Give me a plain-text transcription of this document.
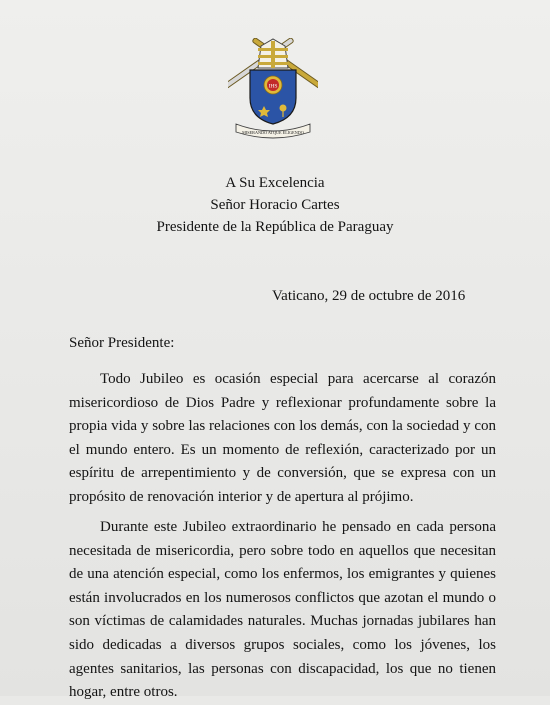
IHS
MISERANDO ATQUE ELIGENDO
A Su Excelencia
Señor Horacio Cartes
Presidente de la República de Paraguay
Vaticano, 29 de octubre de 2016
Señor Presidente:

Todo Jubileo es ocasión especial para acercarse al corazón misericordioso de Dios Padre y reflexionar profundamente sobre la propia vida y sobre las relaciones con los demás, con la sociedad y con el mundo entero. Es un momento de reflexión, caracterizado por un espíritu de arrepentimiento y de conversión, que se expresa con un propósito de renovación interior y de apertura al prójimo.

Durante este Jubileo extraordinario he pensado en cada persona necesitada de misericordia, pero sobre todo en aquellos que necesitan de una atención especial, como los enfermos, los emigrantes y quienes están involucrados en los numerosos conflictos que azotan el mundo o son víctimas de calamidades naturales. Muchas jornadas jubilares han sido dedicadas a diversos grupos sociales, como los jóvenes, los agentes sanitarios, las personas con discapacidad, los que no tienen hogar, entre otros.
